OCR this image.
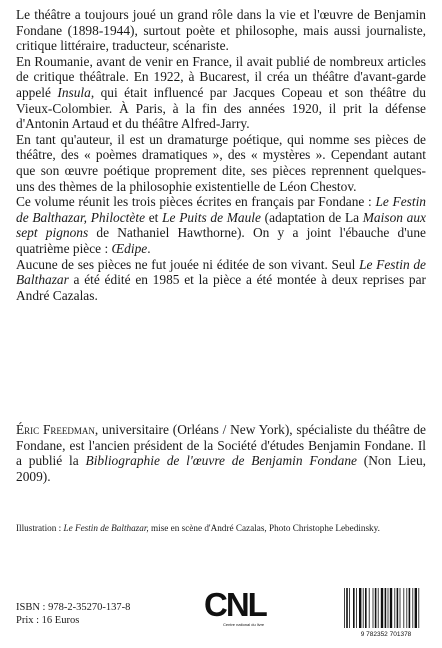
Le théâtre a toujours joué un grand rôle dans la vie et l'œuvre de Benjamin Fondane (1898-1944), surtout poète et philosophe, mais aussi journaliste, critique littéraire, traducteur, scénariste.

En Roumanie, avant de venir en France, il avait publié de nombreux articles de critique théâtrale. En 1922, à Bucarest, il créa un théâtre d'avant-garde appelé Insula, qui était influencé par Jacques Copeau et son théâtre du Vieux-Colombier. À Paris, à la fin des années 1920, il prit la défense d'Antonin Artaud et du théâtre Alfred-Jarry.

En tant qu'auteur, il est un dramaturge poétique, qui nomme ses pièces de théâtre, des « poèmes dramatiques », des « mystères ». Cependant autant que son œuvre poétique proprement dite, ses pièces reprennent quelques-uns des thèmes de la philosophie existentielle de Léon Chestov.

Ce volume réunit les trois pièces écrites en français par Fondane : Le Festin de Balthazar, Philoctète et Le Puits de Maule (adaptation de La Maison aux sept pignons de Nathaniel Hawthorne). On y a joint l'ébauche d'une quatrième pièce : Œdipe.

Aucune de ses pièces ne fut jouée ni éditée de son vivant. Seul Le Festin de Balthazar a été édité en 1985 et la pièce a été montée à deux reprises par André Cazalas.

Éric Freedman, universitaire (Orléans / New York), spécialiste du théâtre de Fondane, est l'ancien président de la Société d'études Benjamin Fondane. Il a publié la Bibliographie de l'œuvre de Benjamin Fondane (Non Lieu, 2009).

Illustration : Le Festin de Balthazar, mise en scène d'André Cazalas, Photo Christophe Lebedinsky.
ISBN : 978-2-35270-137-8
Prix : 16 Euros	CNL
Centre national du livre
9 782352 701378
